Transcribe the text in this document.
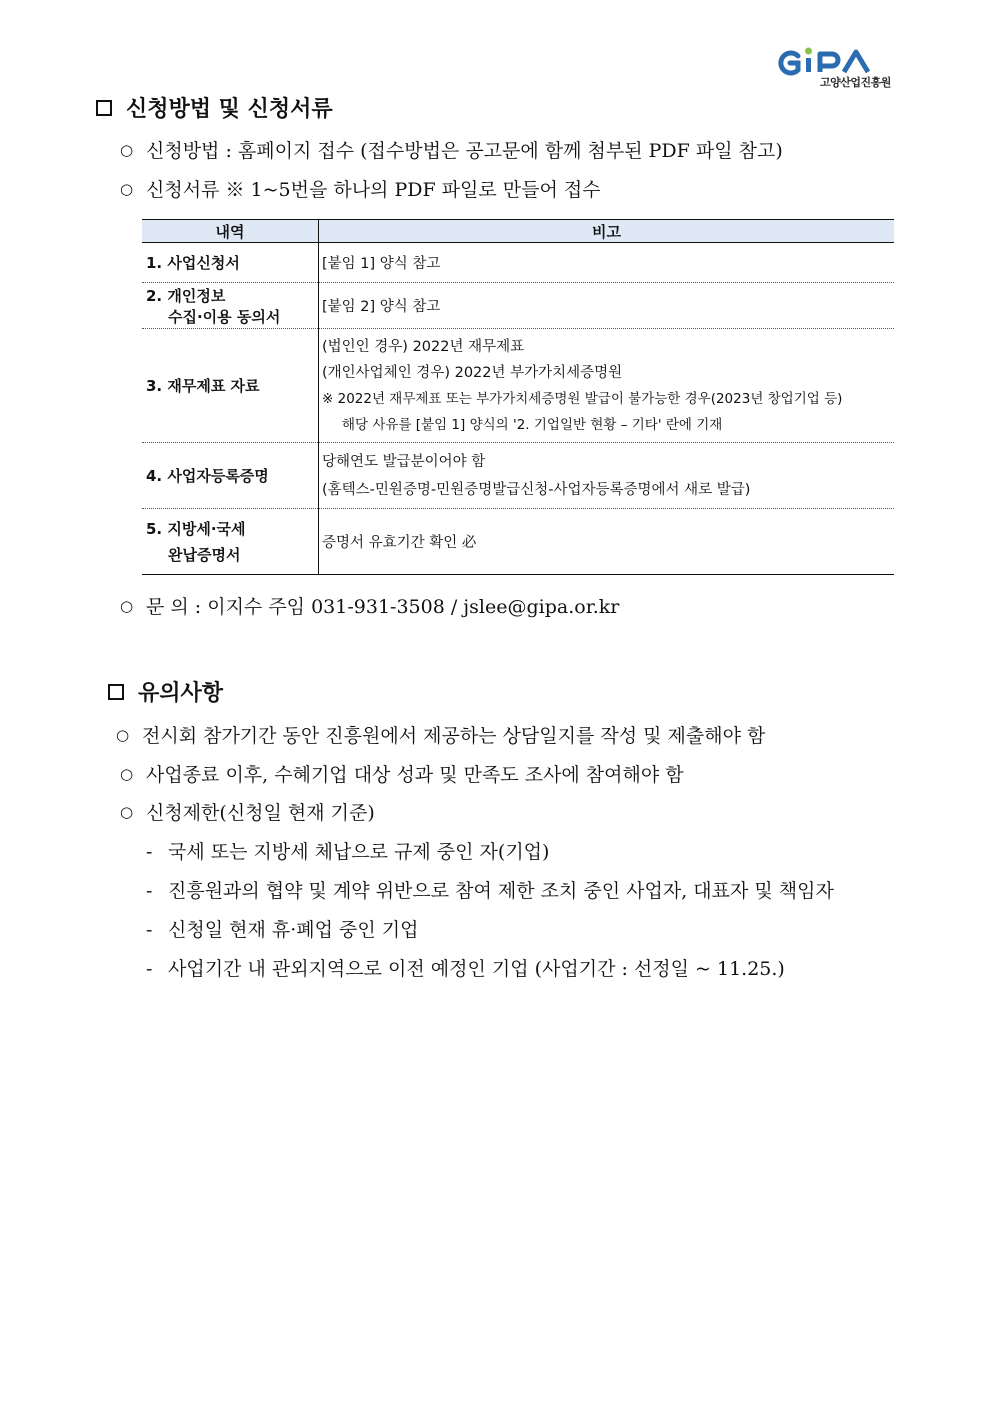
고양산업진흥원
신청방법 및 신청서류
○ 신청방법 : 홈페이지 접수 (접수방법은 공고문에 함께 첨부된 PDF 파일 참고)
○ 신청서류 ※ 1~5번을 하나의 PDF 파일로 만들어 접수
내역	비고

1. 사업신청서	[붙임 1] 양식 참고

2. 개인정보
수집·이용 동의서	[붙임 2] 양식 참고

3. 재무제표 자료	(법인인 경우) 2022년 재무제표
(개인사업체인 경우) 2022년 부가가치세증명원
※ 2022년 재무제표 또는 부가가치세증명원 발급이 불가능한 경우(2023년 창업기업 등)
해당 사유를 [붙임 1] 양식의 '2. 기업일반 현황 – 기타' 란에 기재

4. 사업자등록증명	당해연도 발급분이어야 함
(홈텍스-민원증명-민원증명발급신청-사업자등록증명에서 새로 발급)

5. 지방세·국세
완납증명서	증명서 유효기간 확인 必
○ 문 의 : 이지수 주임 031-931-3508 / jslee@gipa.or.kr
유의사항
○ 전시회 참가기간 동안 진흥원에서 제공하는 상담일지를 작성 및 제출해야 함
○ 사업종료 이후, 수혜기업 대상 성과 및 만족도 조사에 참여해야 함
○ 신청제한(신청일 현재 기준)
- 국세 또는 지방세 체납으로 규제 중인 자(기업)
- 진흥원과의 협약 및 계약 위반으로 참여 제한 조치 중인 사업자, 대표자 및 책임자
- 신청일 현재 휴·폐업 중인 기업
- 사업기간 내 관외지역으로 이전 예정인 기업 (사업기간 : 선정일 ~ 11.25.)
